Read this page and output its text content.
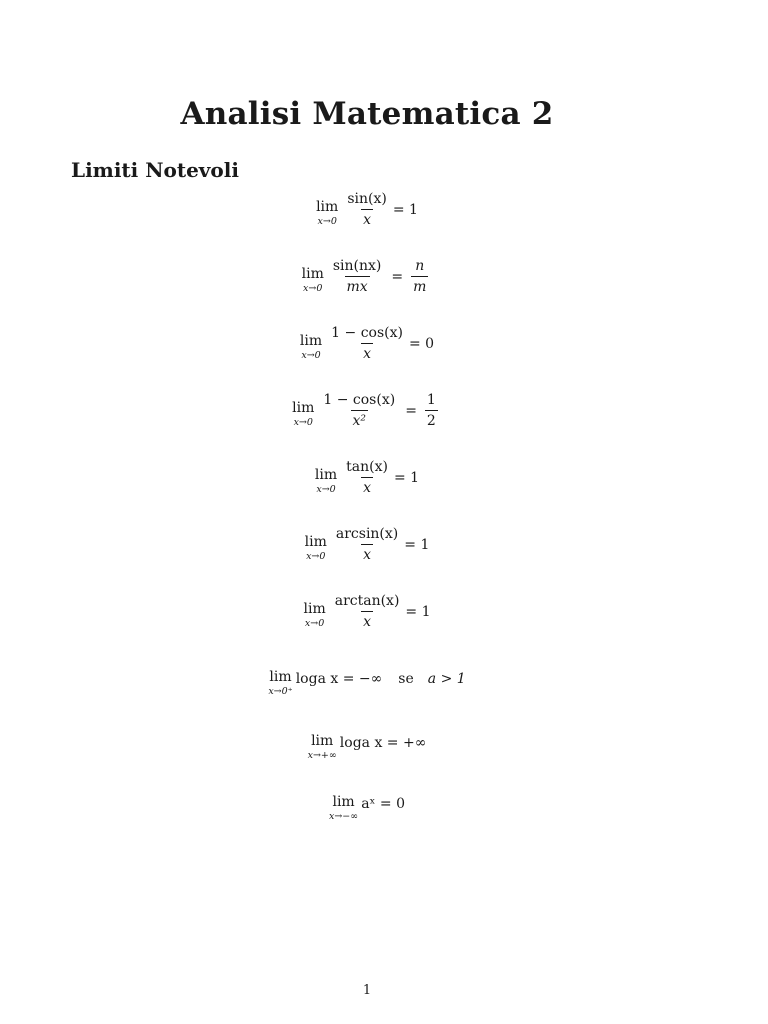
Analisi Matematica 2
Limiti Notevoli
lim
$x\to 0 \frac{\sin(x)}{x} = 1$
lim
$x\to 0 \frac{\sin(nx)}{mx} = \frac{n}{m}$
lim
$x\to 0 \frac{1 - \cos(x)}{x} = 0$
lim
$x\to 0 \frac{1 - \cos(x)}{\text{x²}} = \frac{1}{2}$
lim
$x\to 0 \frac{\tan(x)}{x} = 1$
lim
$x\to 0 \frac{\arcsin(x)}{x} = 1$
lim
$x\to 0 \frac{\arctan(x)}{x} = 1$
lim
x→0⁺
loga x = −∞ se a > 1
lim
x→+∞
loga x = +∞
lim
x→−∞
aˣ = 0
1
